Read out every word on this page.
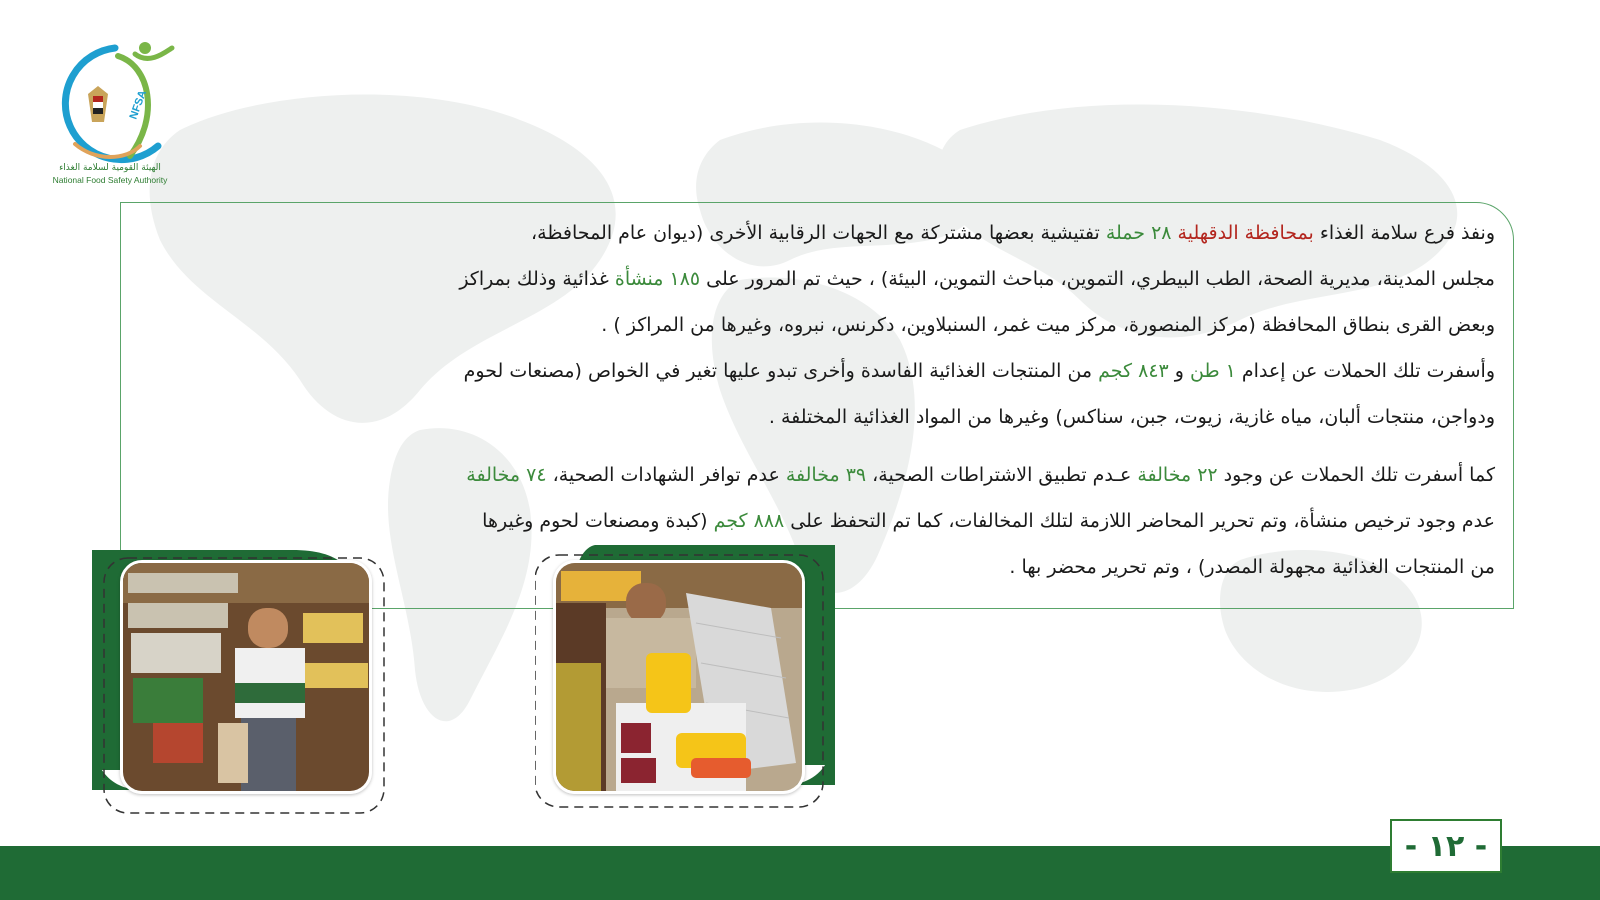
NFSA
الهيئة القومية لسلامة الغذاء
National Food Safety Authority

ونفذ فرع سلامة الغذاء بمحافظة الدقهلية ٢٨ حملة تفتيشية بعضها مشتركة مع الجهات الرقابية الأخرى (ديوان عام المحافظة،

مجلس المدينة، مديرية الصحة، الطب البيطري، التموين، مباحث التموين، البيئة) ، حيث تم المرور على ١٨٥ منشأة غذائية وذلك بمراكز

وبعض القرى بنطاق المحافظة (مركز المنصورة، مركز ميت غمر، السنبلاوين، دكرنس، نبروه، وغيرها من المراكز ) .

وأسفرت تلك الحملات عن إعدام ١ طن و ٨٤٣ كجم من المنتجات الغذائية الفاسدة وأخرى تبدو عليها تغير في الخواص (مصنعات لحوم

ودواجن، منتجات ألبان، مياه غازية، زيوت، جبن، سناكس) وغيرها من المواد الغذائية المختلفة .

كما أسفرت تلك الحملات عن وجود ٢٢ مخالفة عـدم تطبيق الاشتراطات الصحية، ٣٩ مخالفة عدم توافر الشهادات الصحية، ٧٤ مخالفة

عدم وجود ترخيص منشأة، وتم تحرير المحاضر اللازمة لتلك المخالفات، كما تم التحفظ على ٨٨٨ كجم (كبدة ومصنعات لحوم وغيرها

من المنتجات الغذائية مجهولة المصدر) ، وتم تحرير محضر بها .

- ١٢ -
